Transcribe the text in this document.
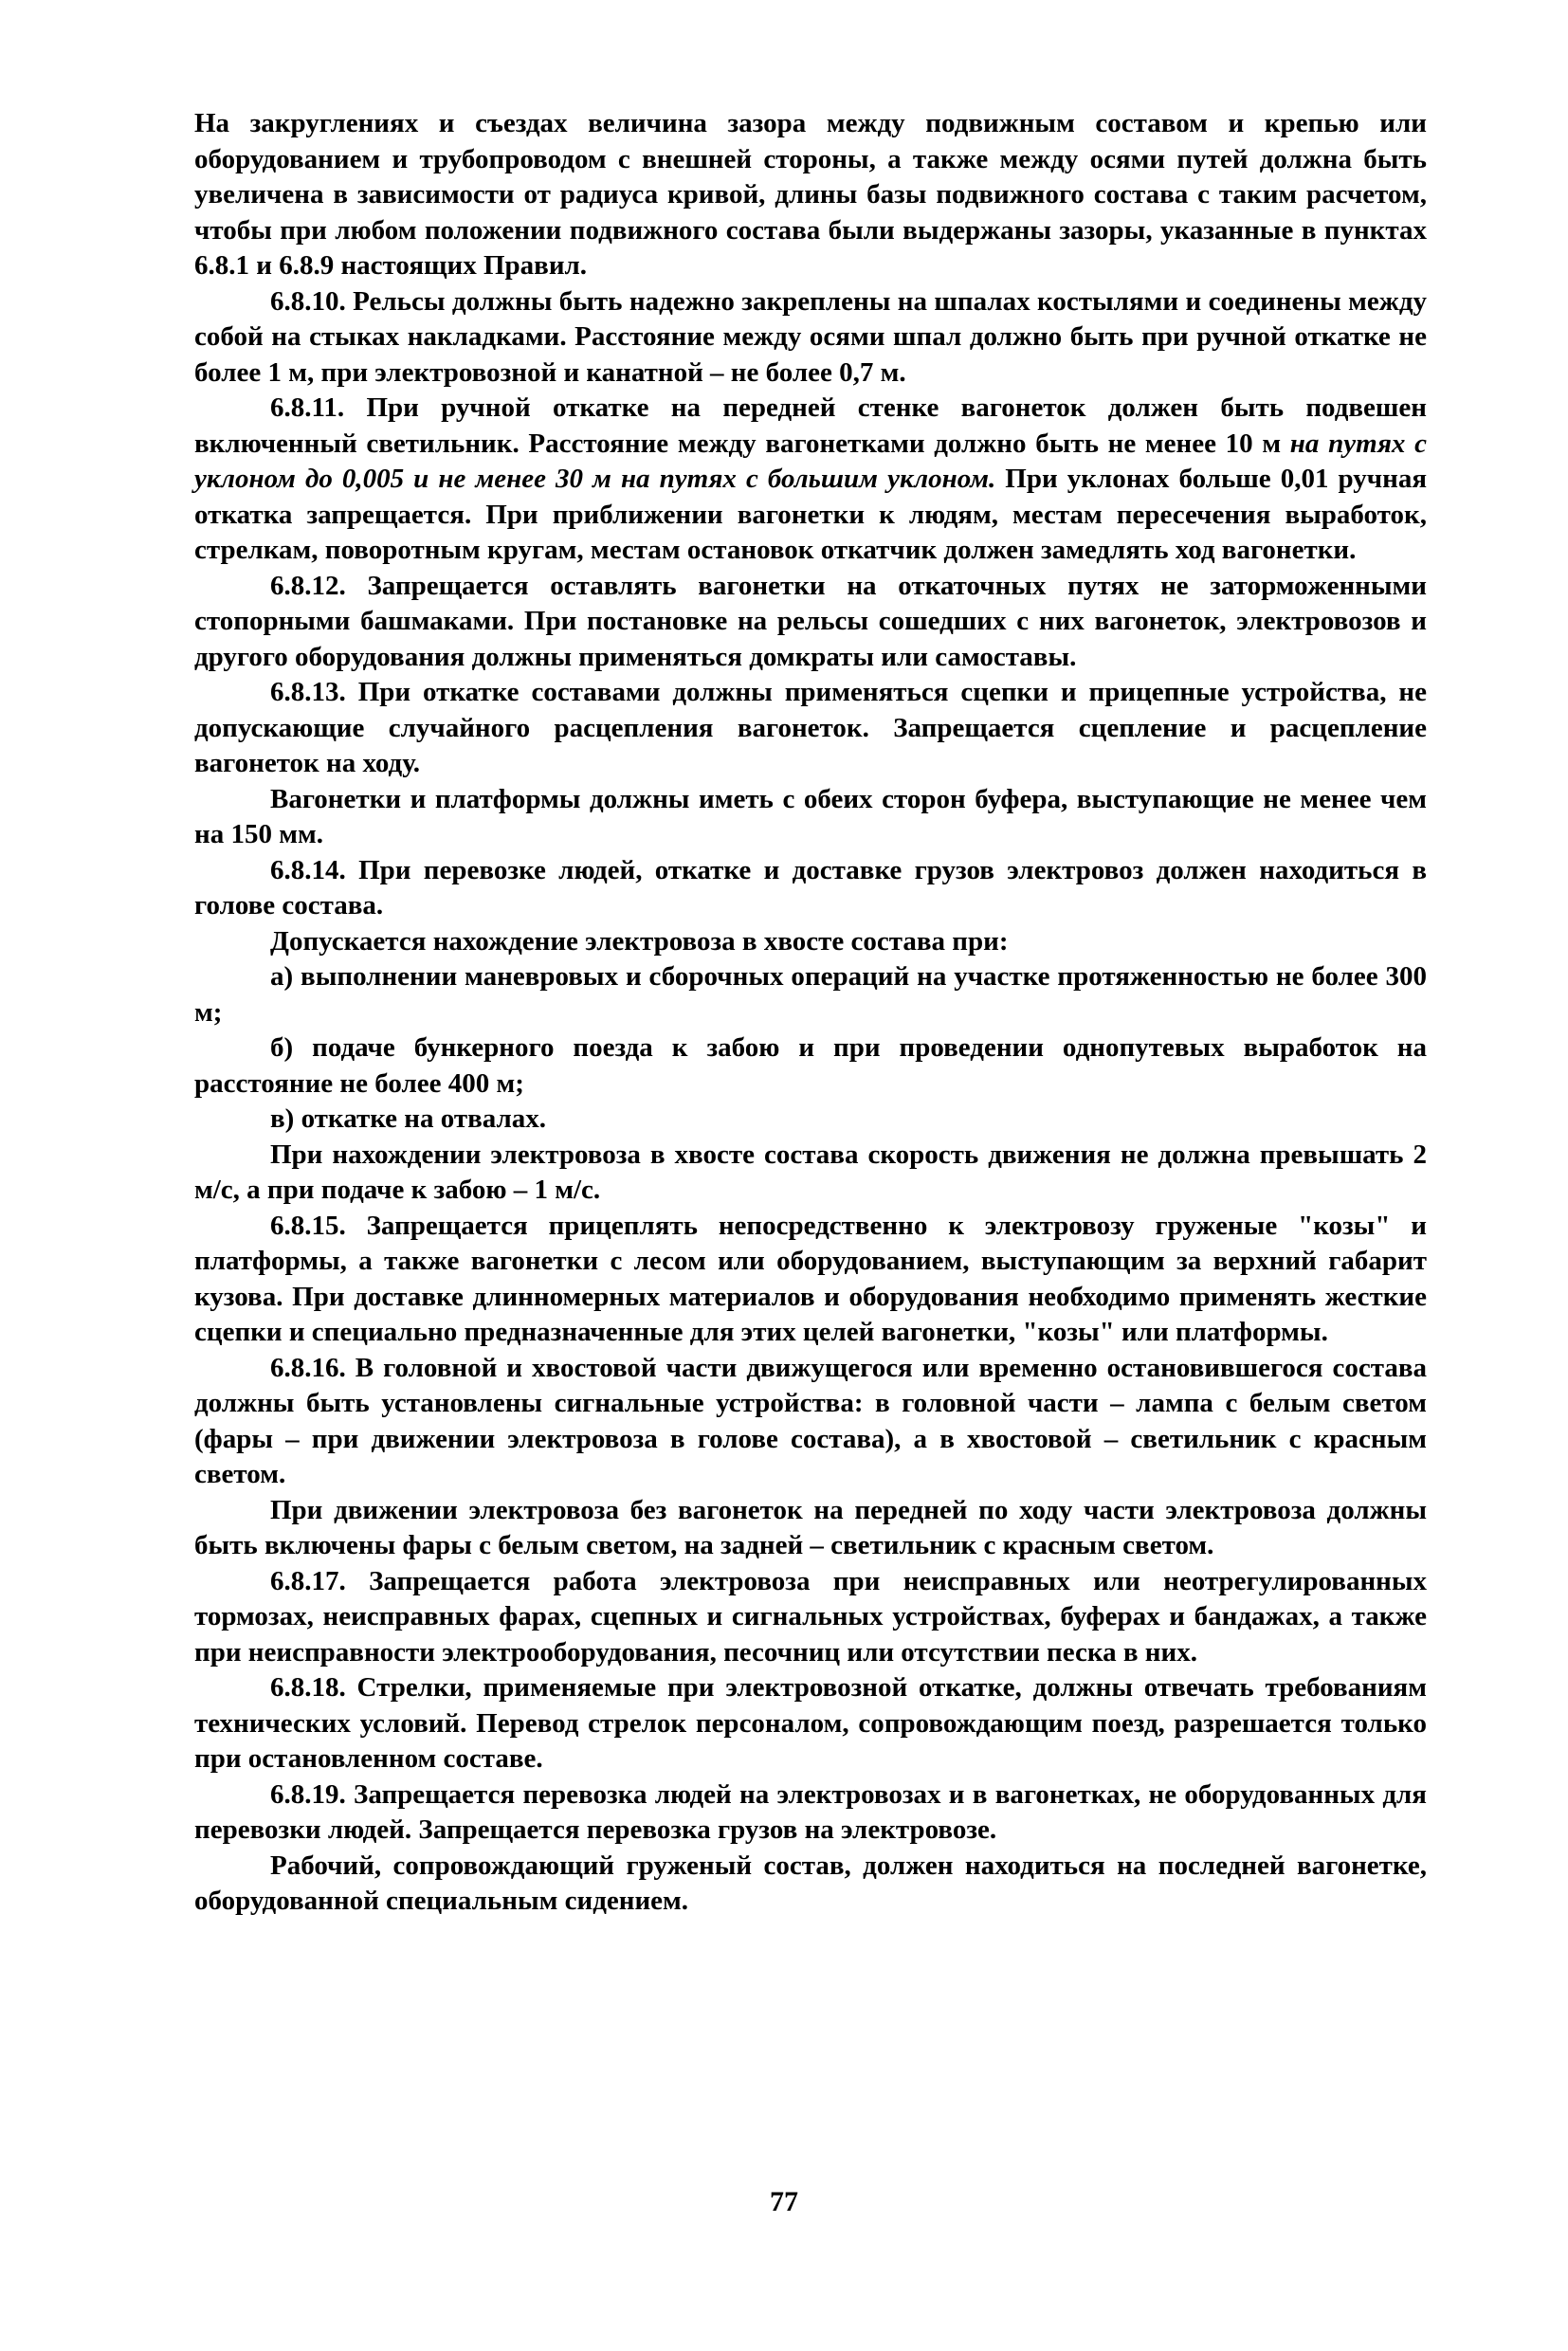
На закруглениях и съездах величина зазора между подвижным составом и крепью или оборудованием и трубопроводом с внешней стороны, а также между осями путей должна быть увеличена в зависимости от радиуса кривой, длины базы подвижного состава с таким расчетом, чтобы при любом положении подвижного состава были выдержаны зазоры, указанные в пунктах 6.8.1 и 6.8.9 настоящих Правил.

6.8.10. Рельсы должны быть надежно закреплены на шпалах костылями и соединены между собой на стыках накладками. Расстояние между осями шпал должно быть при ручной откатке не более 1 м, при электровозной и канатной – не более 0,7 м.

6.8.11. При ручной откатке на передней стенке вагонеток должен быть подвешен включенный светильник. Расстояние между вагонетками должно быть не менее 10 м на путях с уклоном до 0,005 и не менее 30 м на путях с большим уклоном. При уклонах больше 0,01 ручная откатка запрещается. При приближении вагонетки к людям, местам пересечения выработок, стрелкам, поворотным кругам, местам остановок откатчик должен замедлять ход вагонетки.

6.8.12. Запрещается оставлять вагонетки на откаточных путях не заторможенными стопорными башмаками. При постановке на рельсы сошедших с них вагонеток, электровозов и другого оборудования должны применяться домкраты или самоставы.

6.8.13. При откатке составами должны применяться сцепки и прицепные устройства, не допускающие случайного расцепления вагонеток. Запрещается сцепление и расцепление вагонеток на ходу.

Вагонетки и платформы должны иметь с обеих сторон буфера, выступающие не менее чем на 150 мм.

6.8.14. При перевозке людей, откатке и доставке грузов электровоз должен находиться в голове состава.

Допускается нахождение электровоза в хвосте состава при:

а) выполнении маневровых и сборочных операций на участке протяженностью не более 300 м;

б) подаче бункерного поезда к забою и при проведении однопутевых выработок на расстояние не более 400 м;

в) откатке на отвалах.

При нахождении электровоза в хвосте состава скорость движения не должна превышать 2 м/с, а при подаче к забою – 1 м/с.

6.8.15. Запрещается прицеплять непосредственно к электровозу груженые "козы" и платформы, а также вагонетки с лесом или оборудованием, выступающим за верхний габарит кузова. При доставке длинномерных материалов и оборудования необходимо применять жесткие сцепки и специально предназначенные для этих целей вагонетки, "козы" или платформы.

6.8.16. В головной и хвостовой части движущегося или временно остановившегося состава должны быть установлены сигнальные устройства: в головной части – лампа с белым светом (фары – при движении электровоза в голове состава), а в хвостовой – светильник с красным светом.

При движении электровоза без вагонеток на передней по ходу части электровоза должны быть включены фары с белым светом, на задней – светильник с красным светом.

6.8.17. Запрещается работа электровоза при неисправных или неотрегулированных тормозах, неисправных фарах, сцепных и сигнальных устройствах, буферах и бандажах, а также при неисправности электрооборудования, песочниц или отсутствии песка в них.

6.8.18. Стрелки, применяемые при электровозной откатке, должны отвечать требованиям технических условий. Перевод стрелок персоналом, сопровождающим поезд, разрешается только при остановленном составе.

6.8.19. Запрещается перевозка людей на электровозах и в вагонетках, не оборудованных для перевозки людей. Запрещается перевозка грузов на электровозе.

Рабочий, сопровождающий груженый состав, должен находиться на последней вагонетке, оборудованной специальным сидением.

77
